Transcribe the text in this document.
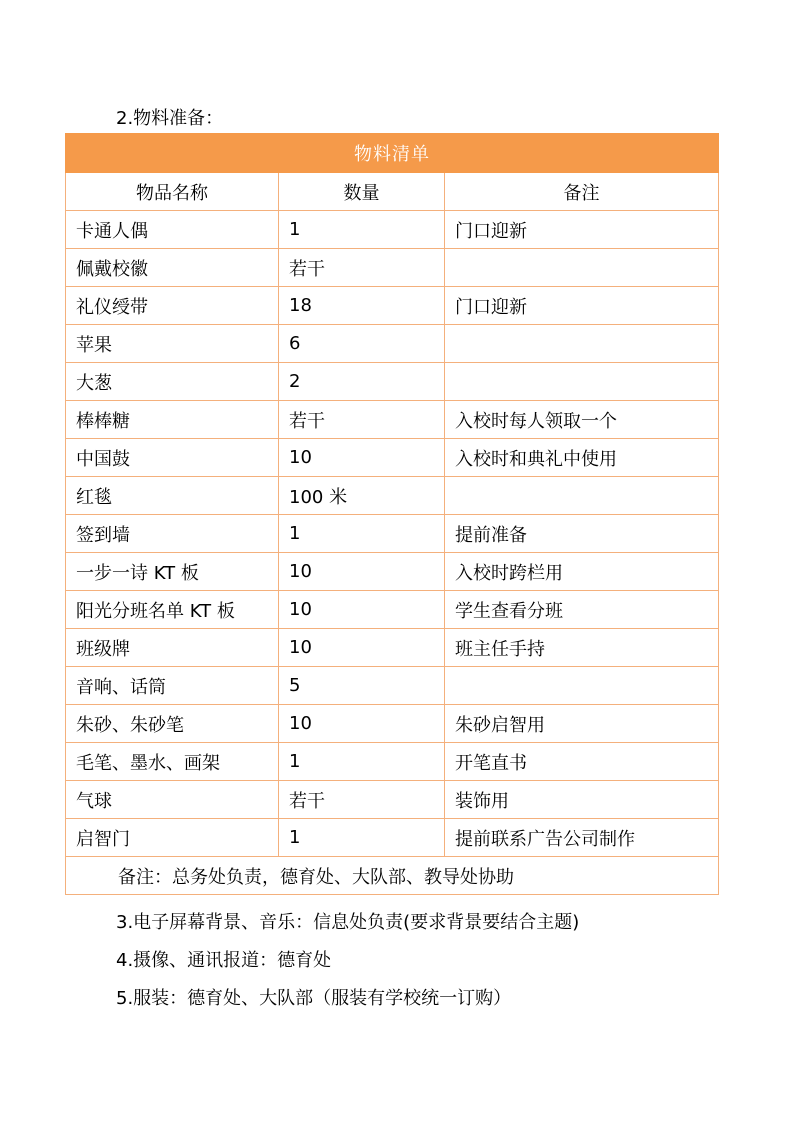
2.物料准备：
物料清单		
物品名称	数量	备注
卡通人偶	1	门口迎新
佩戴校徽	若干	
礼仪绶带	18	门口迎新
苹果	6	
大葱	2	
棒棒糖	若干	入校时每人领取一个
中国鼓	10	入校时和典礼中使用
红毯	100 米	
签到墙	1	提前准备
一步一诗 KT 板	10	入校时跨栏用
阳光分班名单 KT 板	10	学生查看分班
班级牌	10	班主任手持
音响、话筒	5	
朱砂、朱砂笔	10	朱砂启智用
毛笔、墨水、画架	1	开笔直书
气球	若干	装饰用
启智门	1	提前联系广告公司制作
备注：总务处负责，德育处、大队部、教导处协助		
3.电子屏幕背景、音乐：信息处负责(要求背景要结合主题)
4.摄像、通讯报道：德育处
5.服装：德育处、大队部（服装有学校统一订购）
